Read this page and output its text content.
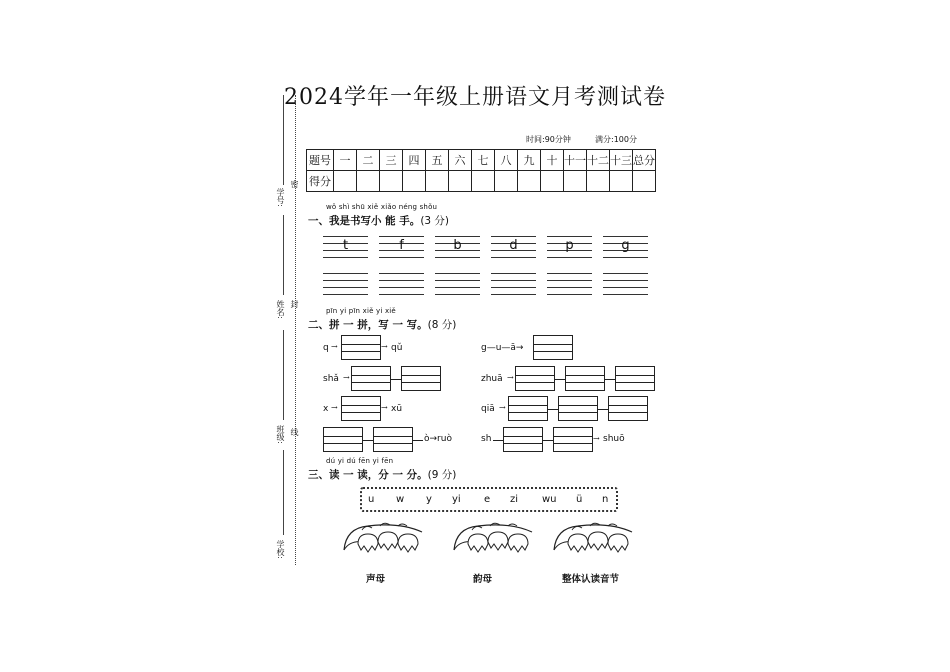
2024学年一年级上册语文月考测试卷
时间:90分钟	满分:100分
题号	一	二	三	四	五	六	七	八	九	十	十一	十二	十三	总分
得分														
学号:
姓名:
班级:
学校:
密
封
线
wǒ shì shū xiě xiǎo néng shǒu
一、我是书写小 能 手。(3 分)
t	f	b	d	p	g
pīn yi pīn xiě yi xiě
二、拼 一 拼，写 一 写。(8 分)
q →	→ qǔ	g—u—ā→
shǎ →	zhuā →
x →	→ xū	qiā →
ò→ruò	sh	→ shuō
dú yi dú fēn yi fēn
三、读 一 读，分 一 分。(9 分)
u w y yi e zi wu ü n
声母	韵母	整体认读音节
